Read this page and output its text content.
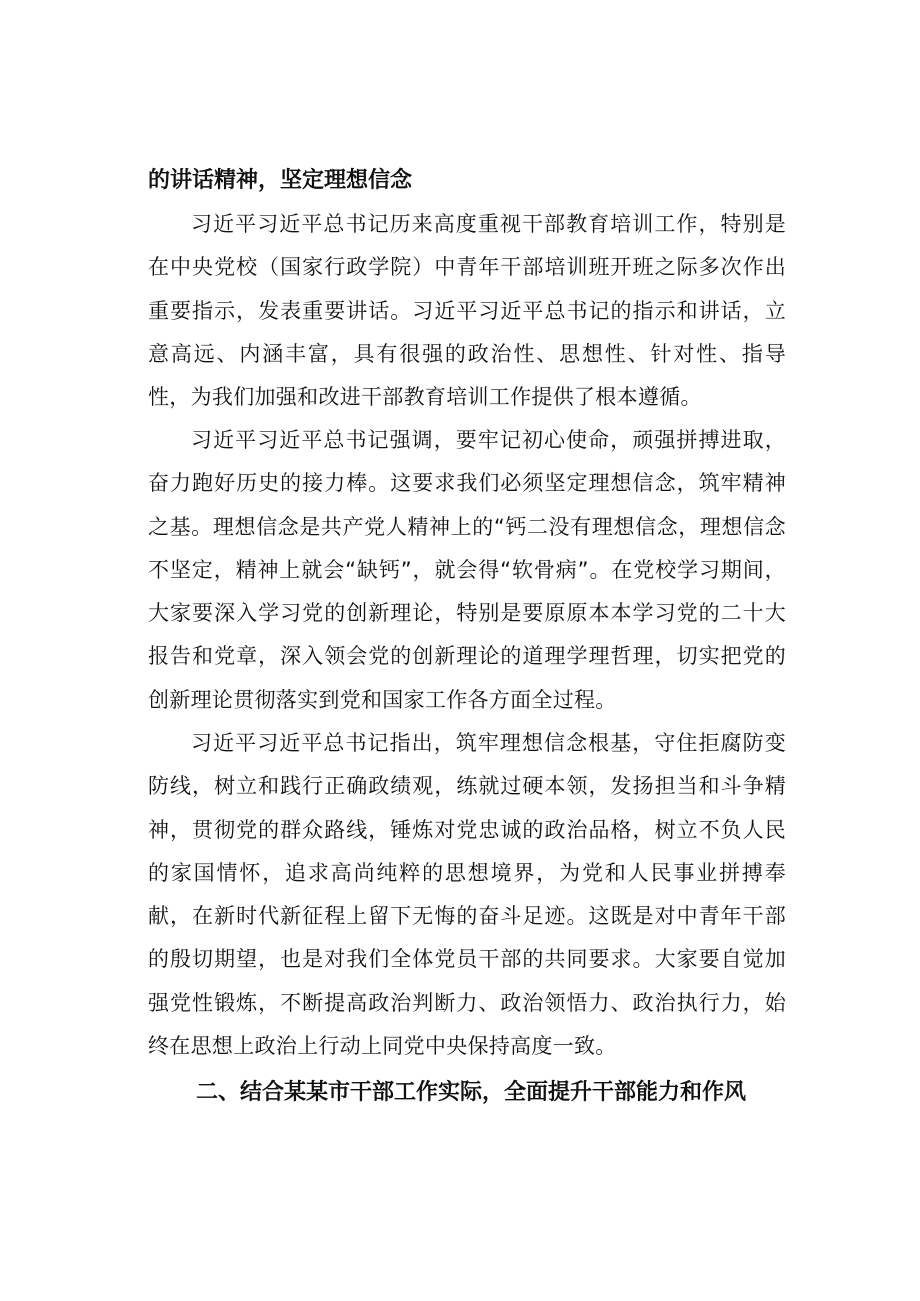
的讲话精神，坚定理想信念

习近平习近平总书记历来高度重视干部教育培训工作，特别是在中央党校（国家行政学院）中青年干部培训班开班之际多次作出重要指示，发表重要讲话。习近平习近平总书记的指示和讲话，立意高远、内涵丰富，具有很强的政治性、思想性、针对性、指导性，为我们加强和改进干部教育培训工作提供了根本遵循。

习近平习近平总书记强调，要牢记初心使命，顽强拼搏进取，奋力跑好历史的接力棒。这要求我们必须坚定理想信念，筑牢精神之基。理想信念是共产党人精神上的“钙二没有理想信念，理想信念不坚定，精神上就会“缺钙”，就会得“软骨病”。在党校学习期间，大家要深入学习党的创新理论，特别是要原原本本学习党的二十大报告和党章，深入领会党的创新理论的道理学理哲理，切实把党的创新理论贯彻落实到党和国家工作各方面全过程。

习近平习近平总书记指出，筑牢理想信念根基，守住拒腐防变防线，树立和践行正确政绩观，练就过硬本领，发扬担当和斗争精神，贯彻党的群众路线，锤炼对党忠诚的政治品格，树立不负人民的家国情怀，追求高尚纯粹的思想境界，为党和人民事业拼搏奉献，在新时代新征程上留下无悔的奋斗足迹。这既是对中青年干部的殷切期望，也是对我们全体党员干部的共同要求。大家要自觉加强党性锻炼，不断提高政治判断力、政治领悟力、政治执行力，始终在思想上政治上行动上同党中央保持高度一致。

二、结合某某市干部工作实际，全面提升干部能力和作风
